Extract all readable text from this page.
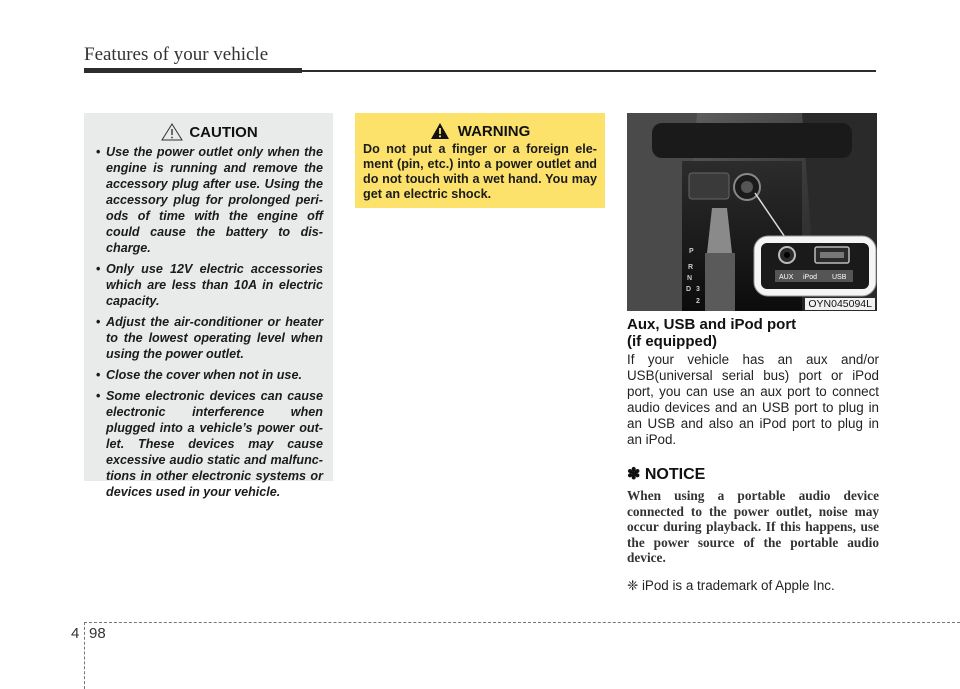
Features of your vehicle
CAUTION
• Use the power outlet only when the engine is running and remove the accessory plug after use. Using the accessory plug for prolonged peri- ods of time with the engine off could cause the battery to dis- charge.
• Only use 12V electric accessories which are less than 10A in electric capacity.
• Adjust the air-conditioner or heater to the lowest operating level when using the power outlet.
• Close the cover when not in use.
• Some electronic devices can cause electronic interference when plugged into a vehicle’s power out- let. These devices may cause excessive audio static and malfunc- tions in other electronic systems or devices used in your vehicle.
WARNING
Do not put a finger or a foreign ele- ment (pin, etc.) into a power outlet and do not touch with a wet hand. You may get an electric shock.
AUX iPod USB
P
R
N
D 3
2	OYN045094L
Aux, USB and iPod port
(if equipped)
If your vehicle has an aux and/or USB(universal serial bus) port or iPod port, you can use an aux port to connect audio devices and an USB port to plug in an USB and also an iPod port to plug in an iPod.
✽ NOTICE
When using a portable audio device connected to the power outlet, noise may occur during playback. If this happens, use the power source of the portable audio device.
❈ iPod is a trademark of Apple Inc.
4 98
